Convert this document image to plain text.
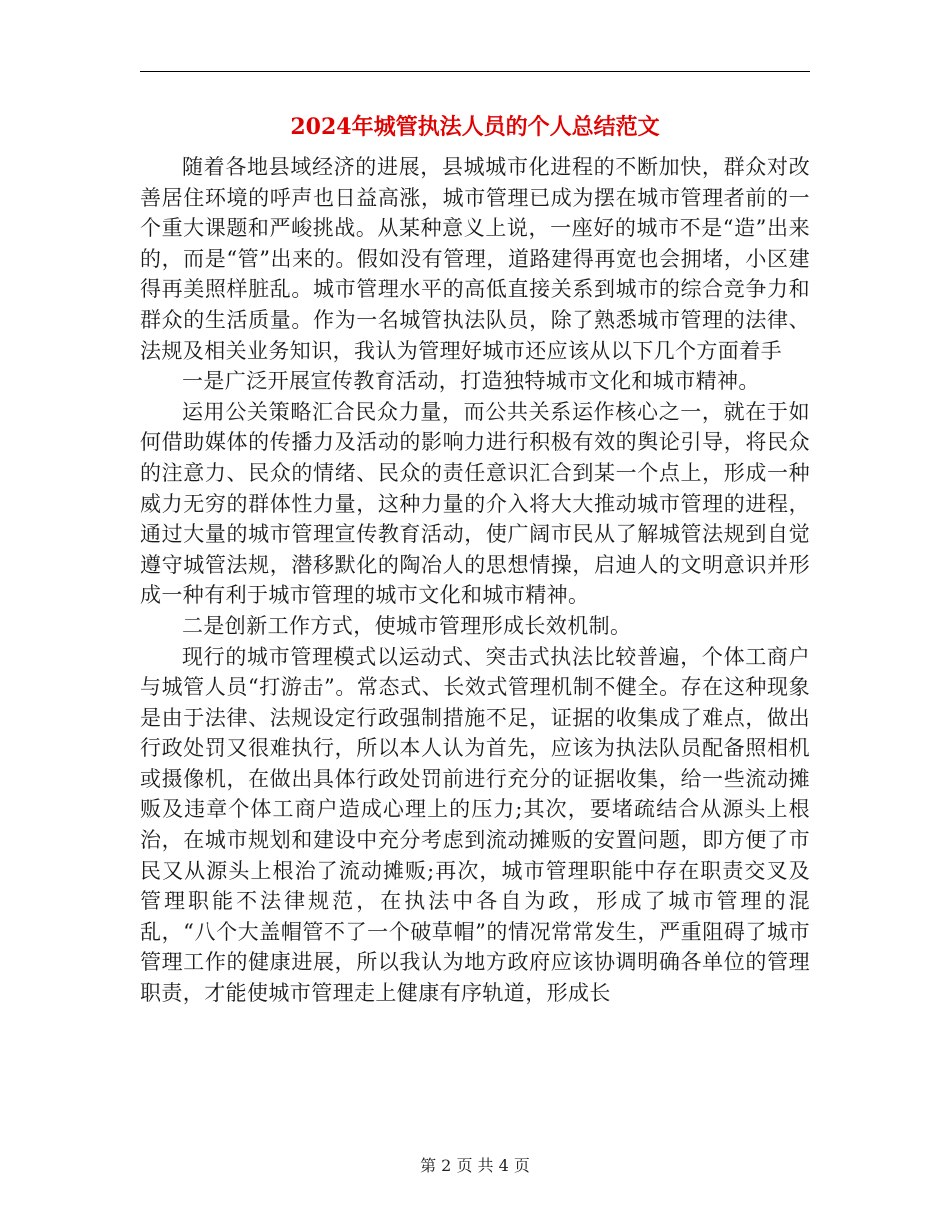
2024年城管执法人员的个人总结范文

随着各地县域经济的进展，县城城市化进程的不断加快，群众对改善居住环境的呼声也日益高涨，城市管理已成为摆在城市管理者前的一个重大课题和严峻挑战。从某种意义上说，一座好的城市不是“造”出来的，而是“管”出来的。假如没有管理，道路建得再宽也会拥堵，小区建得再美照样脏乱。城市管理水平的高低直接关系到城市的综合竞争力和群众的生活质量。作为一名城管执法队员，除了熟悉城市管理的法律、法规及相关业务知识，我认为管理好城市还应该从以下几个方面着手

一是广泛开展宣传教育活动，打造独特城市文化和城市精神。

运用公关策略汇合民众力量，而公共关系运作核心之一，就在于如何借助媒体的传播力及活动的影响力进行积极有效的舆论引导，将民众的注意力、民众的情绪、民众的责任意识汇合到某一个点上，形成一种威力无穷的群体性力量，这种力量的介入将大大推动城市管理的进程，通过大量的城市管理宣传教育活动，使广阔市民从了解城管法规到自觉遵守城管法规，潜移默化的陶冶人的思想情操，启迪人的文明意识并形成一种有利于城市管理的城市文化和城市精神。

二是创新工作方式，使城市管理形成长效机制。

现行的城市管理模式以运动式、突击式执法比较普遍，个体工商户与城管人员“打游击”。常态式、长效式管理机制不健全。存在这种现象是由于法律、法规设定行政强制措施不足，证据的收集成了难点，做出行政处罚又很难执行，所以本人认为首先，应该为执法队员配备照相机或摄像机，在做出具体行政处罚前进行充分的证据收集，给一些流动摊贩及违章个体工商户造成心理上的压力;其次，要堵疏结合从源头上根治，在城市规划和建设中充分考虑到流动摊贩的安置问题，即方便了市民又从源头上根治了流动摊贩;再次，城市管理职能中存在职责交叉及管理职能不法律规范，在执法中各自为政，形成了城市管理的混乱，“八个大盖帽管不了一个破草帽”的情况常常发生，严重阻碍了城市管理工作的健康进展，所以我认为地方政府应该协调明确各单位的管理职责，才能使城市管理走上健康有序轨道，形成长

第 2 页 共 4 页
